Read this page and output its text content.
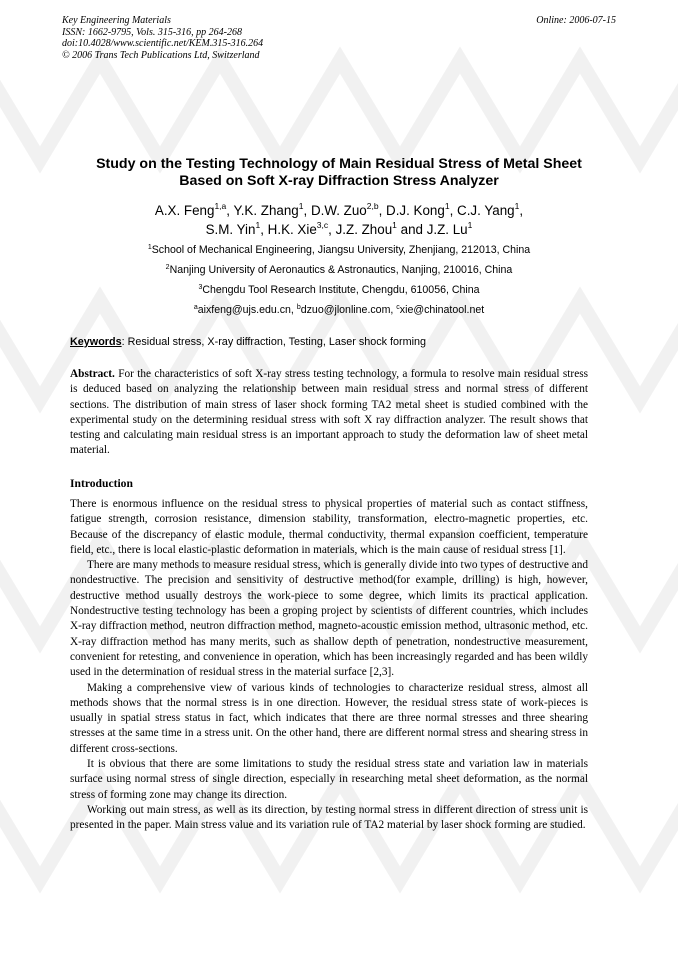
Key Engineering Materials
ISSN: 1662-9795, Vols. 315-316, pp 264-268
doi:10.4028/www.scientific.net/KEM.315-316.264
© 2006 Trans Tech Publications Ltd, Switzerland
Online: 2006-07-15
Study on the Testing Technology of Main Residual Stress of Metal Sheet
Based on Soft X-ray Diffraction Stress Analyzer
A.X. Feng$^{1,a}$, Y.K. Zhang$^1$, D.W. Zuo$^{2,b}$, D.J. Kong$^1$, C.J. Yang$^1$,
S.M. Yin$^1$, H.K. Xie$^{3,c}$, J.Z. Zhou$^1$ and J.Z. Lu$^1$
$^1$School of Mechanical Engineering, Jiangsu University, Zhenjiang, 212013, China
$^2$Nanjing University of Aeronautics & Astronautics, Nanjing, 210016, China
$^3$Chengdu Tool Research Institute, Chengdu, 610056, China
$^a$aixfeng@ujs.edu.cn, $^b$dzuo@jlonline.com, $^c$xie@chinatool.net
Keywords: Residual stress, X-ray diffraction, Testing, Laser shock forming
Abstract. For the characteristics of soft X-ray stress testing technology, a formula to resolve main residual stress is deduced based on analyzing the relationship between main residual stress and normal stress of different sections. The distribution of main stress of laser shock forming TA2 metal sheet is studied combined with the experimental study on the determining residual stress with soft X ray diffraction analyzer. The result shows that testing and calculating main residual stress is an important approach to study the deformation law of sheet metal material.
Introduction

There is enormous influence on the residual stress to physical properties of material such as contact stiffness, fatigue strength, corrosion resistance, dimension stability, transformation, electro-magnetic properties, etc. Because of the discrepancy of elastic module, thermal conductivity, thermal expansion coefficient, temperature field, etc., there is local elastic-plastic deformation in materials, which is the main cause of residual stress [1].

There are many methods to measure residual stress, which is generally divide into two types of destructive and nondestructive. The precision and sensitivity of destructive method(for example, drilling) is high, however, destructive method usually destroys the work-piece to some degree, which limits its practical application. Nondestructive testing technology has been a groping project by scientists of different countries, which includes X-ray diffraction method, neutron diffraction method, magneto-acoustic emission method, ultrasonic method, etc. X-ray diffraction method has many merits, such as shallow depth of penetration, nondestructive measurement, convenient for retesting, and convenience in operation, which has been increasingly regarded and has been wildly used in the determination of residual stress in the material surface [2,3].

Making a comprehensive view of various kinds of technologies to characterize residual stress, almost all methods shows that the normal stress is in one direction. However, the residual stress state of work-pieces is usually in spatial stress status in fact, which indicates that there are three normal stresses and three shearing stresses at the same time in a stress unit. On the other hand, there are different normal stress and shearing stress in different cross-sections.

It is obvious that there are some limitations to study the residual stress state and variation law in materials surface using normal stress of single direction, especially in researching metal sheet deformation, as the normal stress of forming zone may change its direction.

Working out main stress, as well as its direction, by testing normal stress in different direction of stress unit is presented in the paper. Main stress value and its variation rule of TA2 material by laser shock forming are studied.
